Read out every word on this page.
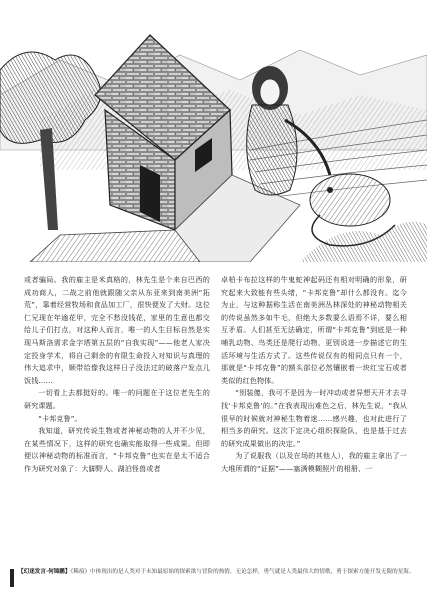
或者骗局。我的雇主是米真格的，林先生是个来自巴西的成功商人，二战之前他就跟随父亲从东亚来到南美洲“拓荒”，靠着经营牧场和食品加工厂，很快便发了大财。这位仁兄现在年逾花甲，完全不愁没钱花，家里的生意也都交给儿子们打点，对这种人而言，唯一的人生目标自然是实现马斯洛需求金字塔第五层的“自我实现”——他老人家决定投身学术，将自己剩余的有限生命投入对知识与真理的伟大追求中，顺带给像我这样日子没法过的破落户发点儿饭钱……

一切看上去都挺好的。唯一的问题在于这位老先生的研究课题。

“卡邦克鲁”。

我知道，研究传说生物或者神秘动物的人并不少见，在某些情况下，这样的研究也确实能取得一些成果。但即便以神秘动物的标准而言，“卡邦克鲁”也实在是太不适合作为研究对象了：大脚野人、湖泊怪兽或者

卓柏卡布拉这样的牛鬼蛇神起码还有相对明确的形象，研究起来大致能有些头绪，“卡邦克鲁”却什么都没有。迄今为止，与这种据称生活在南美洲丛林深处的神秘动物相关的传说虽然多如牛毛，但绝大多数要么语焉不详，要么相互矛盾。人们甚至无法确定，所谓“卡邦克鲁”到底是一种哺乳动物、鸟类还是爬行动物，更别说进一步描述它的生活环境与生活方式了。这些传说仅有的相同点只有一个，那就是“卡邦克鲁”的额头部位必然镶嵌着一块红宝石或者类似的红色物体。

“别装傻，我可不是因为一时冲动或者异想天开才去寻找‘卡邦克鲁’的。”在我表现出难色之后，林先生说，“我从很早的时候就对神秘生物着迷……感兴趣，也对此进行了相当多的研究。这次下定决心组织探险队，也是基于过去的研究成果做出的决定。”

为了说服我（以及在场的其他人），我的雇主拿出了一大堆所谓的“证据”——塞满模糊照片的相册、一

【幻迷发言·何锦鹏】《稀痕》中体现出的是人类对于未知最原始的探索欲与冒险的热情，无论怎样，勇气就是人类最伟大的情歌，勇于探索方能开发无限的星海。
